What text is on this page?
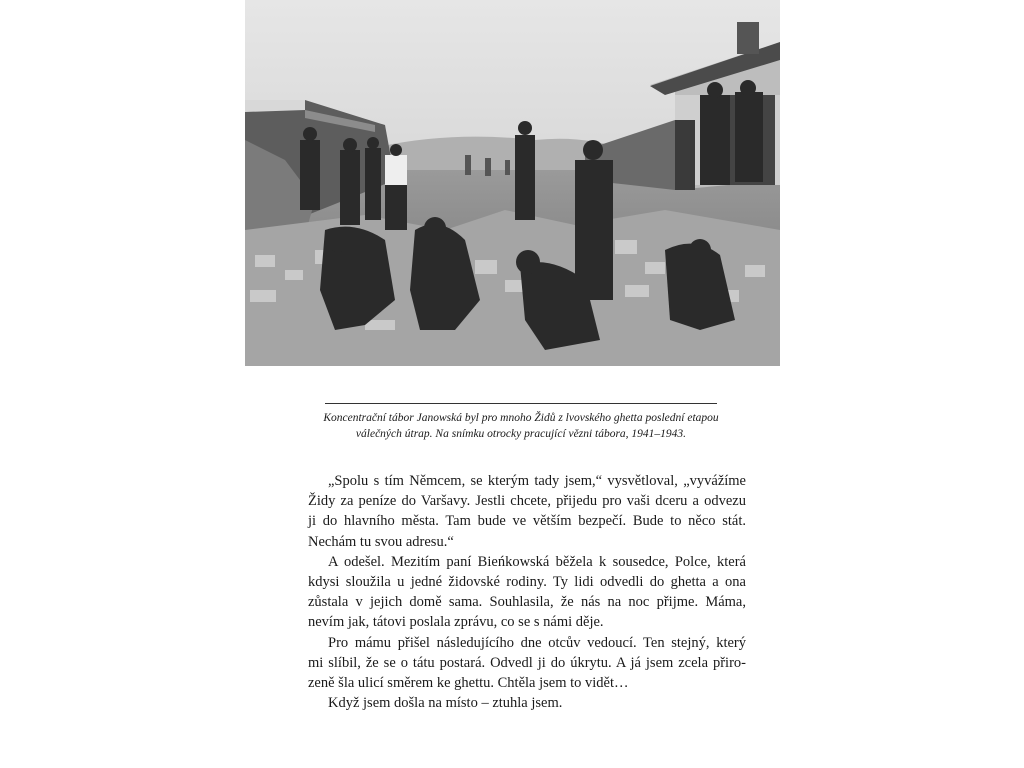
Koncentrační tábor Janowská byl pro mnoho Židů z lvovského ghetta poslední etapou
válečných útrap. Na snímku otrocky pracující vězni tábora, 1941–1943.

„Spolu s tím Němcem, se kterým tady jsem,“ vysvětloval, „vyvážíme
Židy za peníze do Varšavy. Jestli chcete, přijedu pro vaši dceru a odvezu
ji do hlavního města. Tam bude ve větším bezpečí. Bude to něco stát.
Nechám tu svou adresu.“

A odešel. Mezitím paní Bieńkowská běžela k sousedce, Polce, která
kdysi sloužila u jedné židovské rodiny. Ty lidi odvedli do ghetta a ona
zůstala v jejich domě sama. Souhlasila, že nás na noc přijme. Máma,
nevím jak, tátovi poslala zprávu, co se s námi děje.

Pro mámu přišel následujícího dne otcův vedoucí. Ten stejný, který
mi slíbil, že se o tátu postará. Odvedl ji do úkrytu. A já jsem zcela přiro-
zeně šla ulicí směrem ke ghettu. Chtěla jsem to vidět…

Když jsem došla na místo – ztuhla jsem.
